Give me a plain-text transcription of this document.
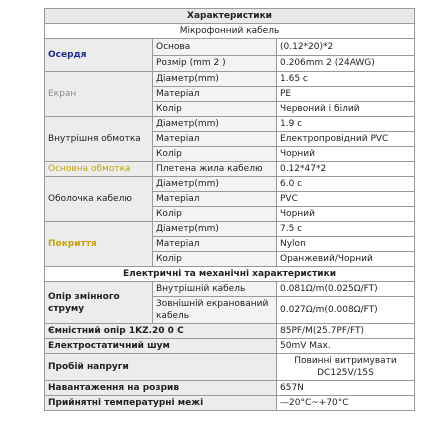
Характеристики		
Мікрофонний кабель		
Осердя	Основа	(0.12*20)*2
	Розмір (mm 2 )	0.206mm 2 (24AWG)
Екран	Діаметр(mm)	1.65 c
	Матеріал	PE
	Колір	Червоний і білий
Внутрішня обмотка	Діаметр(mm)	1.9 c
	Матеріал	Електропровідний PVC
	Колір	Чорний
Основна обмотка	Плетена жила кабелю	0.12*47*2
Оболочка кабелю	Діаметр(mm)	6.0 c
	Матеріал	PVC
	Колір	Чорний
Покриття	Діаметр(mm)	7.5 c
	Матеріал	Nylon
	Колір	Оранжевий/Чорний
Електричні та механічні характеристики		
Опір змінного струму	Внутрішній кабель	0.081Ω/m(0.025Ω/FT)
	Зовнішній екранований кабель	0.027Ω/m(0.008Ω/FT)
Ємністний опір 1KZ.20 0 C		85PF/M(25.7PF/FT)
Електростатичний шум		50mV Max.
Пробій напруги		Повинні витримувати DC125V/15S
Навантаження на розрив		657N
Прийнятні температурні межі		—20°C~+70°C
